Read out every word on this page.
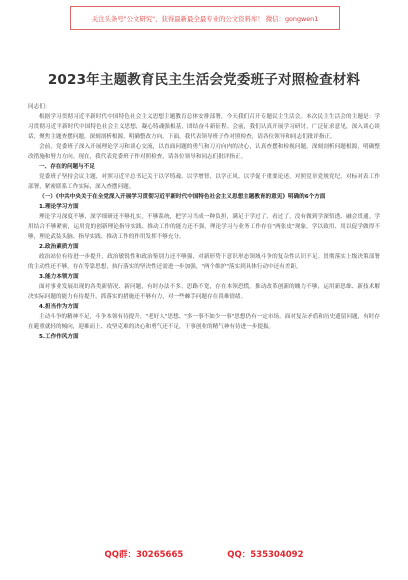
关注头条号"公文研究"，获得最新最全最专业的公文资料库！ 微信：gongwen1
2023年主题教育民主生活会党委班子对照检查材料

同志们：

根据学习贯彻习近平新时代中国特色社会主义思想主题教育总体安排部署，今天我们召开专题民主生活会。本次民主生活会的主题是：学习贯彻习近平新时代中国特色社会主义思想，凝心铸魂强根基，团结奋斗新征程。会前，我们认真开展学习研讨，广泛征求意见，深入谈心谈话，聚焦主题查摆问题，深刻剖析根源，明确整改方向。下面，我代表领导班子作对照检查，请各位领导和同志们批评指正。

会前，党委班子深入开展理论学习和谈心交流，以直面问题的勇气和刀刃向内的决心，认真查摆和检视问题，深刻剖析问题根源，明确整改措施和努力方向。现在，我代表党委班子作对照检查，请各位领导和同志们批评指正。

一、存在的问题与不足

党委班子坚持会议主题，对照习近平总书记关于以学铸魂、以学增智、以学正风、以学促干重要论述，对照党章党规党纪，对标对表工作部署，紧密联系工作实际，深入查摆问题。

（一）《中共中央关于在全党深入开展学习贯彻习近平新时代中国特色社会主义思想主题教育的意见》明确的6个方面

1.理论学习方面

理论学习深度不够，深学细研还不够扎实，不够系统，把学习当成一种负担，满足于学过了、看过了，没有做到学深悟透、融会贯通。学用结合不够紧密，运用党的创新理论指导实践、推动工作的能力还不强，理论学习与业务工作存在"两张皮"现象，学以致用、用以促学做得不够，理论武装头脑、指导实践、推动工作的作用发挥不够充分。

2.政治素质方面

政治站位有待进一步提升，政治敏锐性和政治鉴别力还不够强，对新形势下意识形态领域斗争的复杂性认识不足。贯彻落实上级决策部署的主动性还不够，存在等靠思想，执行落实的坚决性还需进一步加强，"两个维护"落实到具体行动中还有差距。

3.能力本领方面

面对事业发展出现的各类新情况、新问题，有时办法不多、思路不宽，存在本领恐慌。推动改革创新的魄力不够，运用新思维、新技术解决实际问题的能力有待提升，抓落实的措施还不够有力，对一些棘手问题存在畏难情绪。

4.担当作为方面

主动斗争的精神不足，斗争本领有待提升，"老好人"思想、"多一事不如少一事"思想仍有一定市场。面对复杂矛盾和历史遗留问题，有时存在避重就轻的倾向，迎难而上、攻坚克难的决心和勇气还不足，干事创业的精气神有待进一步提振。

5.工作作风方面

QQ群：30265665	QQ：535304092
